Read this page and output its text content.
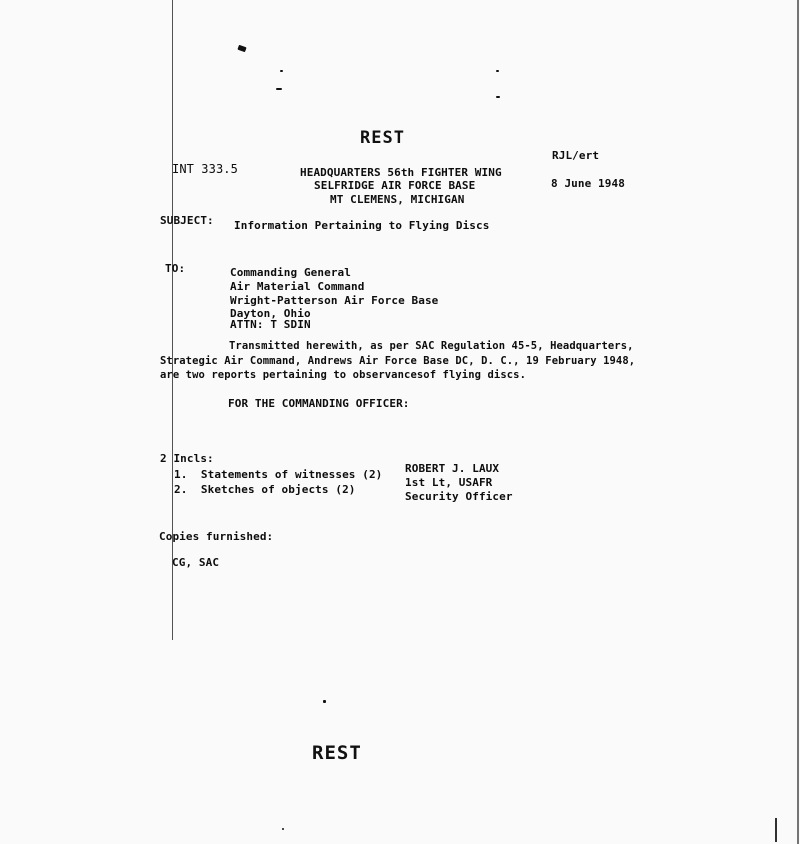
REST
INT 333.5
RJL/ert
8 June 1948
HEADQUARTERS 56th FIGHTER WING
SELFRIDGE AIR FORCE BASE
MT CLEMENS, MICHIGAN
SUBJECT: Information Pertaining to Flying Discs
TO:	Commanding General
Air Material Command
Wright-Patterson Air Force Base
Dayton, Ohio
ATTN: T SDIN
Transmitted herewith, as per SAC Regulation 45-5, Headquarters,
Strategic Air Command, Andrews Air Force Base DC, D. C., 19 February 1948,
are two reports pertaining to observancesof flying discs.
FOR THE COMMANDING OFFICER:
2 Incls:
1.  Statements of witnesses (2)
2.  Sketches of objects (2)
ROBERT J. LAUX
1st Lt, USAFR
Security Officer
Copies furnished:
CG, SAC
REST
